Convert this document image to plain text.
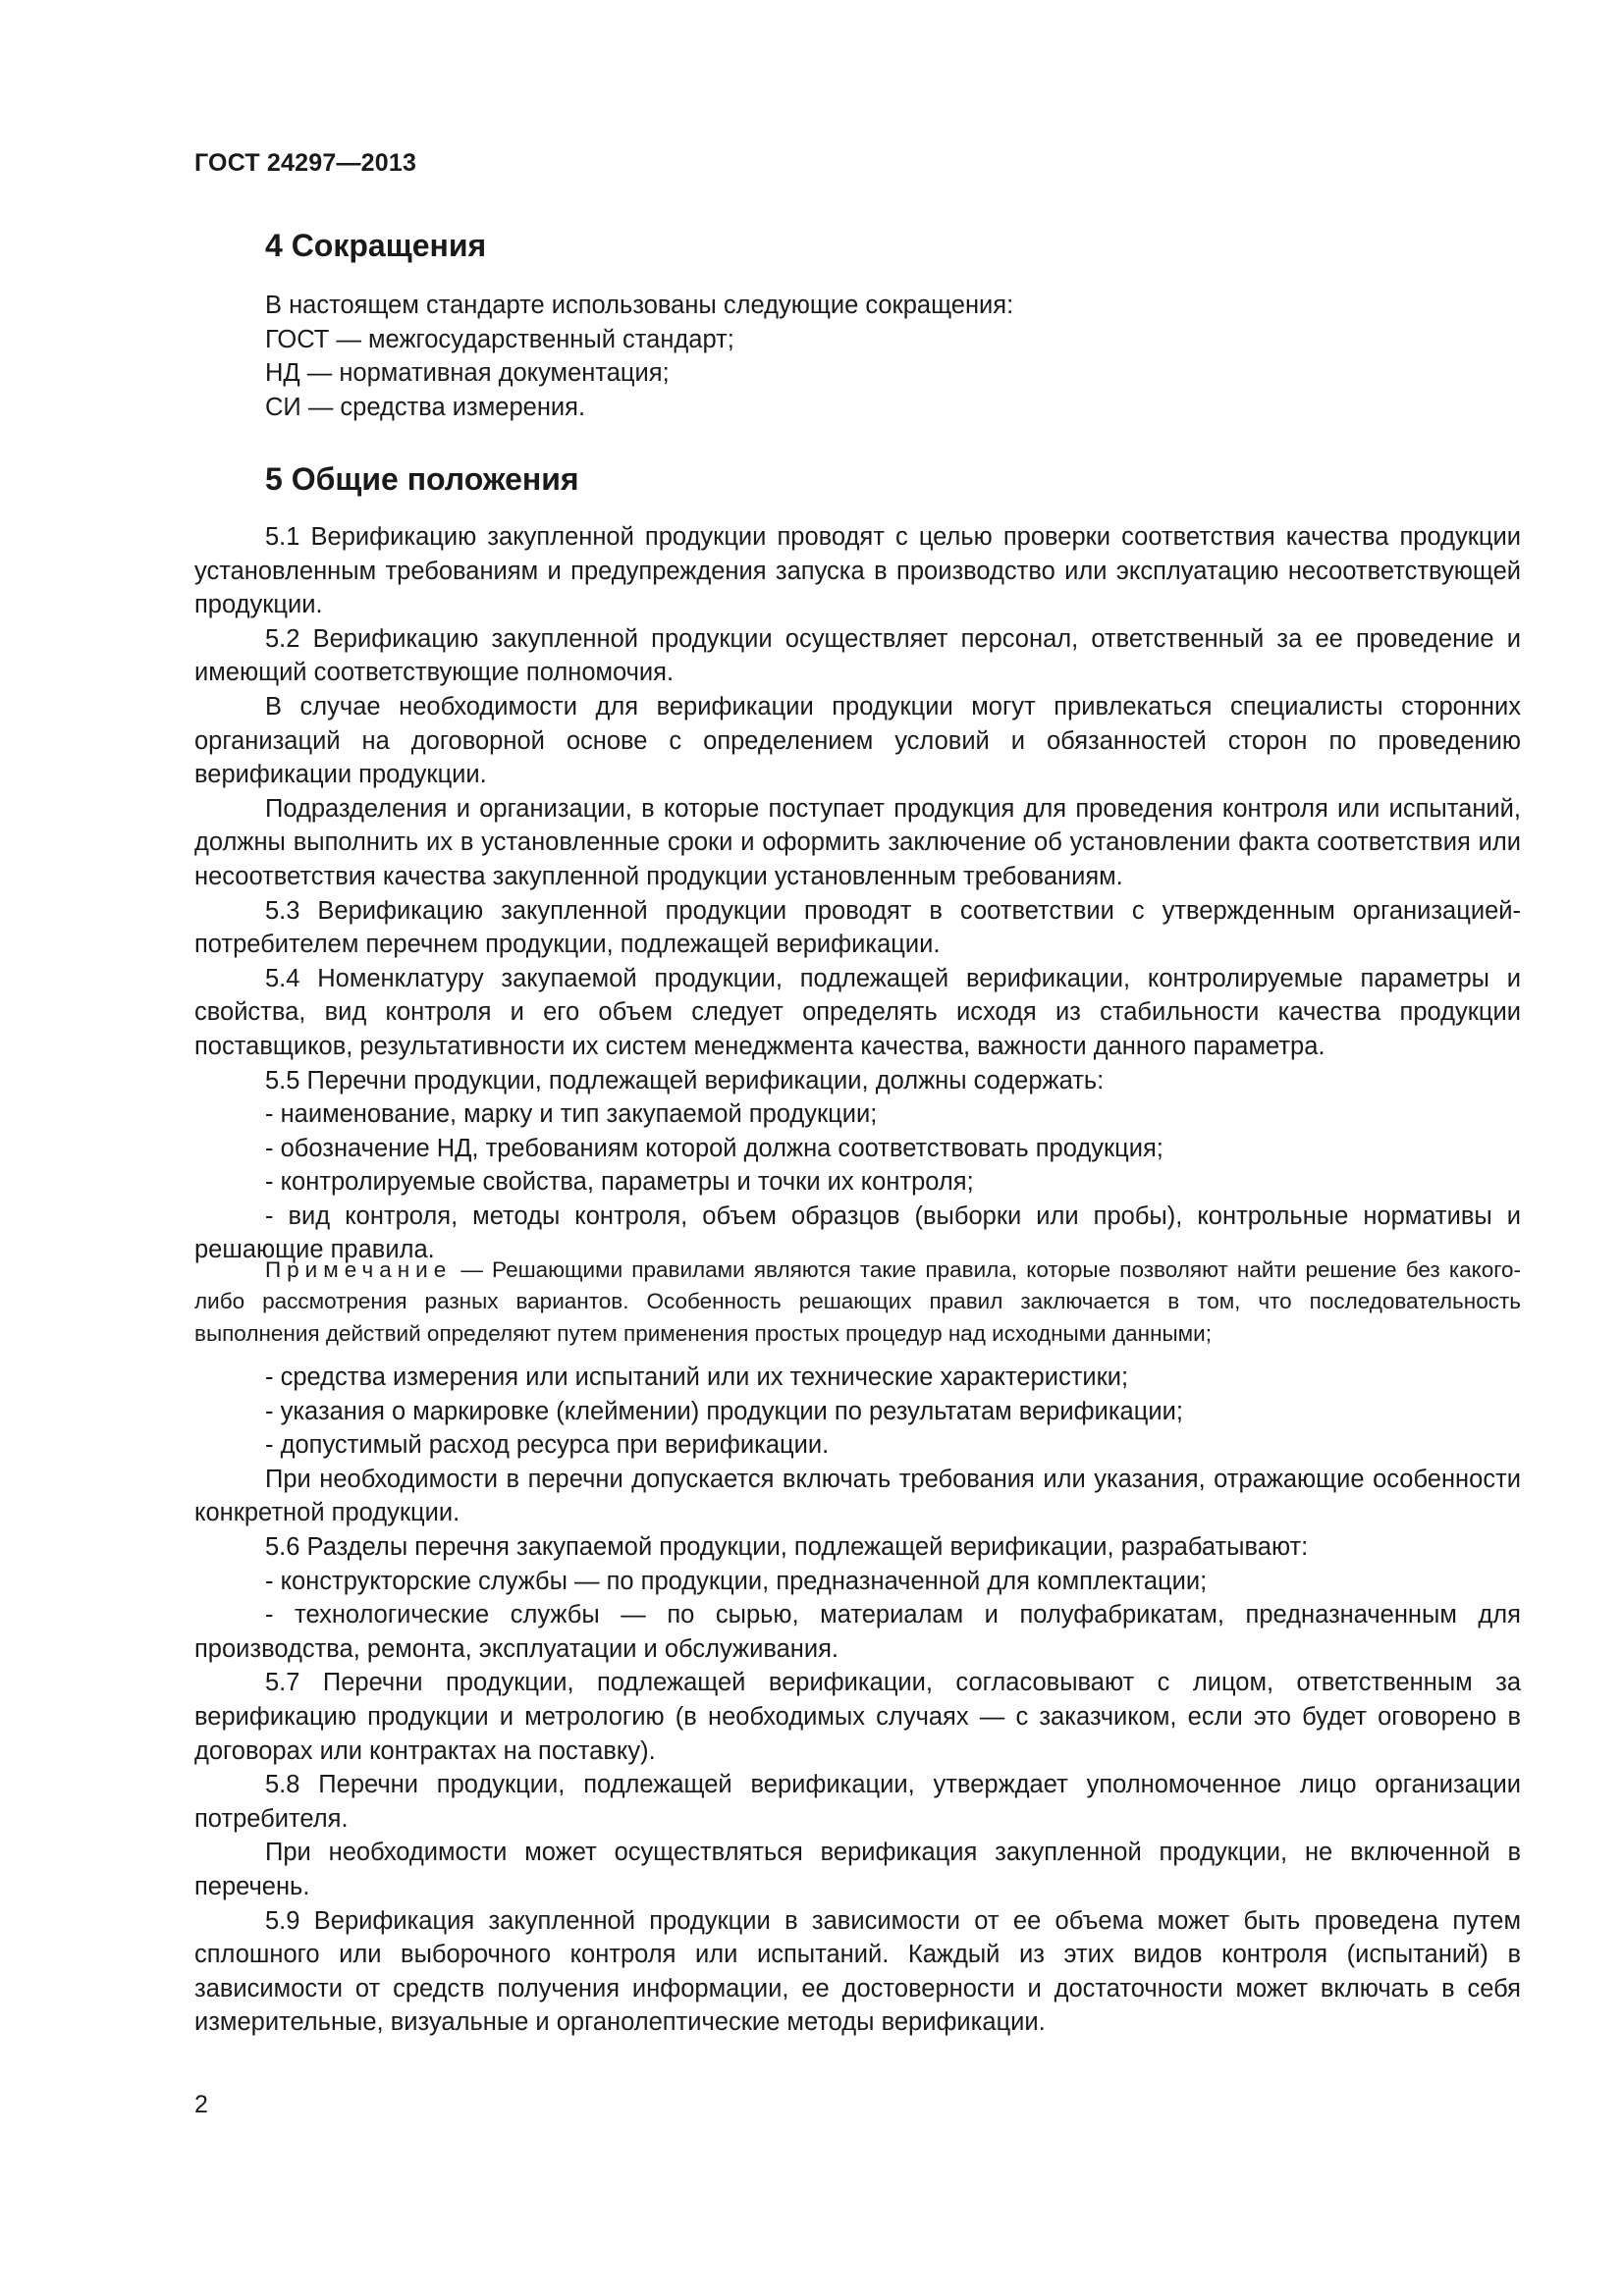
ГОСТ 24297—2013
4 Сокращения

В настоящем стандарте использованы следующие сокращения:

ГОСТ — межгосударственный стандарт;

НД — нормативная документация;

СИ — средства измерения.

5 Общие положения

5.1 Верификацию закупленной продукции проводят с целью проверки соответствия качества продукции установленным требованиям и предупреждения запуска в производство или эксплуатацию несоответствующей продукции.

5.2 Верификацию закупленной продукции осуществляет персонал, ответственный за ее проведение и имеющий соответствующие полномочия.

В случае необходимости для верификации продукции могут привлекаться специалисты сторонних организаций на договорной основе с определением условий и обязанностей сторон по проведению верификации продукции.

Подразделения и организации, в которые поступает продукция для проведения контроля или испытаний, должны выполнить их в установленные сроки и оформить заключение об установлении факта соответствия или несоответствия качества закупленной продукции установленным требованиям.

5.3 Верификацию закупленной продукции проводят в соответствии с утвержденным организацией-потребителем перечнем продукции, подлежащей верификации.

5.4 Номенклатуру закупаемой продукции, подлежащей верификации, контролируемые параметры и свойства, вид контроля и его объем следует определять исходя из стабильности качества продукции поставщиков, результативности их систем менеджмента качества, важности данного параметра.

5.5 Перечни продукции, подлежащей верификации, должны содержать:

- наименование, марку и тип закупаемой продукции;

- обозначение НД, требованиям которой должна соответствовать продукция;

- контролируемые свойства, параметры и точки их контроля;

- вид контроля, методы контроля, объем образцов (выборки или пробы), контрольные нормативы и решающие правила.

Примечание — Решающими правилами являются такие правила, которые позволяют найти решение без какого-либо рассмотрения разных вариантов. Особенность решающих правил заключается в том, что последовательность выполнения действий определяют путем применения простых процедур над исходными данными;

- средства измерения или испытаний или их технические характеристики;

- указания о маркировке (клеймении) продукции по результатам верификации;

- допустимый расход ресурса при верификации.

При необходимости в перечни допускается включать требования или указания, отражающие особенности конкретной продукции.

5.6 Разделы перечня закупаемой продукции, подлежащей верификации, разрабатывают:

- конструкторские службы — по продукции, предназначенной для комплектации;

- технологические службы — по сырью, материалам и полуфабрикатам, предназначенным для производства, ремонта, эксплуатации и обслуживания.

5.7 Перечни продукции, подлежащей верификации, согласовывают с лицом, ответственным за верификацию продукции и метрологию (в необходимых случаях — с заказчиком, если это будет оговорено в договорах или контрактах на поставку).

5.8 Перечни продукции, подлежащей верификации, утверждает уполномоченное лицо организации потребителя.

При необходимости может осуществляться верификация закупленной продукции, не включенной в перечень.

5.9 Верификация закупленной продукции в зависимости от ее объема может быть проведена путем сплошного или выборочного контроля или испытаний. Каждый из этих видов контроля (испытаний) в зависимости от средств получения информации, ее достоверности и достаточности может включать в себя измерительные, визуальные и органолептические методы верификации.

2
